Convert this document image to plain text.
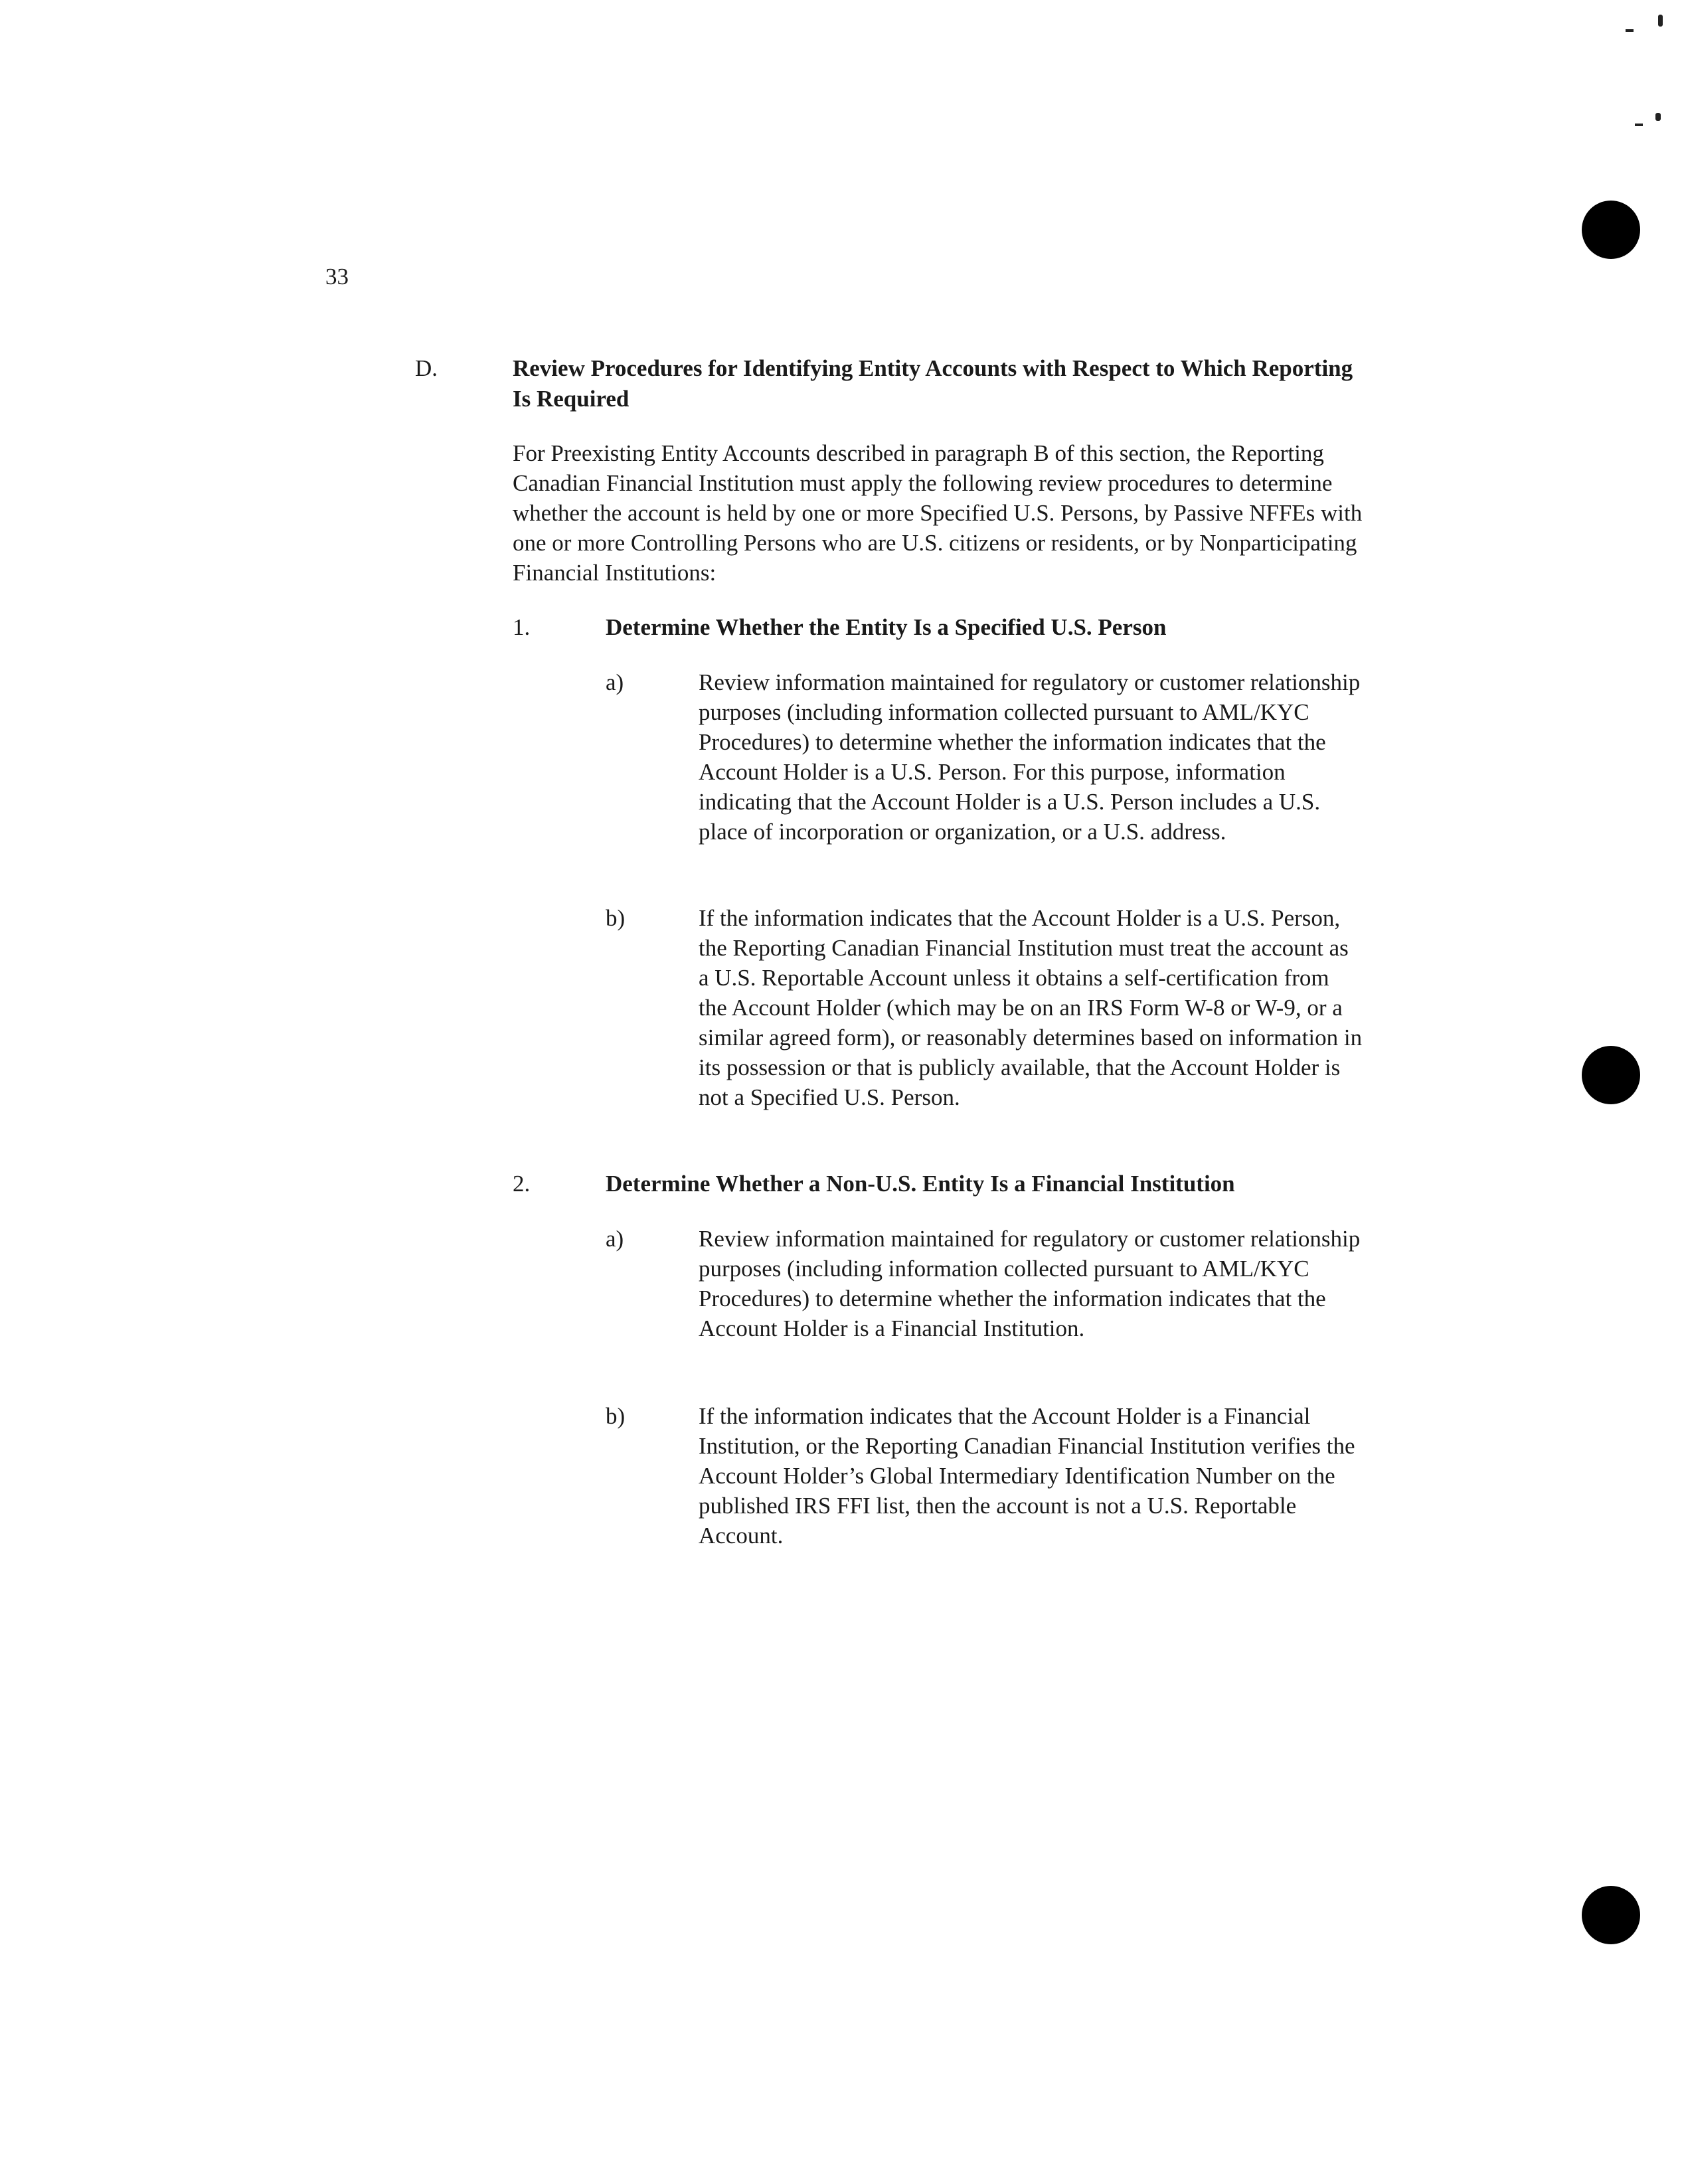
33
D.	Review Procedures for Identifying Entity Accounts with Respect to Which Reporting Is Required
For Preexisting Entity Accounts described in paragraph B of this section, the Reporting Canadian Financial Institution must apply the following review procedures to determine whether the account is held by one or more Specified U.S. Persons, by Passive NFFEs with one or more Controlling Persons who are U.S. citizens or residents, or by Nonparticipating Financial Institutions:
1.	Determine Whether the Entity Is a Specified U.S. Person
a)	Review information maintained for regulatory or customer relationship purposes (including information collected pursuant to AML/KYC Procedures) to determine whether the information indicates that the Account Holder is a U.S. Person. For this purpose, information indicating that the Account Holder is a U.S. Person includes a U.S. place of incorporation or organization, or a U.S. address.
b)	If the information indicates that the Account Holder is a U.S. Person, the Reporting Canadian Financial Institution must treat the account as a U.S. Reportable Account unless it obtains a self-certification from the Account Holder (which may be on an IRS Form W-8 or W-9, or a similar agreed form), or reasonably determines based on information in its possession or that is publicly available, that the Account Holder is not a Specified U.S. Person.
2.	Determine Whether a Non-U.S. Entity Is a Financial Institution
a)	Review information maintained for regulatory or customer relationship purposes (including information collected pursuant to AML/KYC Procedures) to determine whether the information indicates that the Account Holder is a Financial Institution.
b)	If the information indicates that the Account Holder is a Financial Institution, or the Reporting Canadian Financial Institution verifies the Account Holder’s Global Intermediary Identification Number on the published IRS FFI list, then the account is not a U.S. Reportable Account.
